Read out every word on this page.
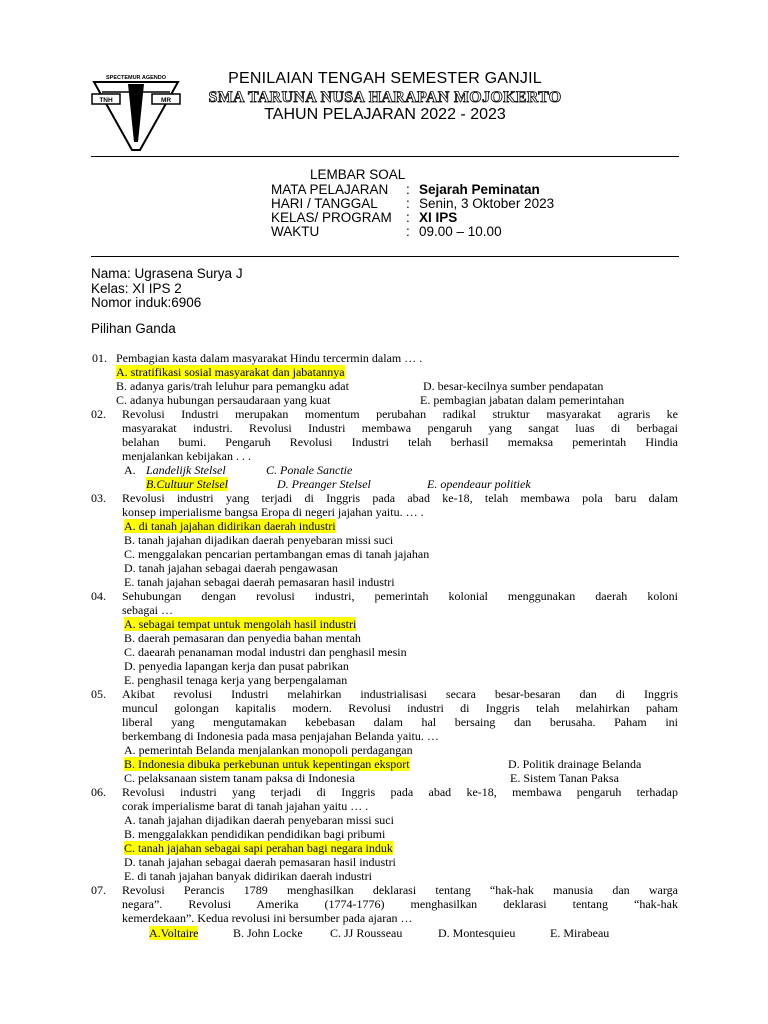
SPECTEMUR AGENDO
TNH	MR
PENILAIAN TENGAH SEMESTER GANJIL
SMA TARUNA NUSA HARAPAN MOJOKERTO
TAHUN PELAJARAN 2022 - 2023
LEMBAR SOAL
MATA PELAJARAN : Sejarah Peminatan
HARI / TANGGAL : Senin, 3 Oktober 2023
KELAS/ PROGRAM : XI IPS
WAKTU	: 09.00 – 10.00
Nama: Ugrasena Surya J
Kelas: XI IPS 2
Nomor induk:6906
Pilihan Ganda
01. Pembagian kasta dalam masyarakat Hindu tercermin dalam … .
A. stratifikasi sosial masyarakat dan jabatannya
B. adanya garis/trah leluhur para pemangku adat	D. besar-kecilnya sumber pendapatan
C. adanya hubungan persaudaraan yang kuat	E. pembagian jabatan dalam pemerintahan
02. Revolusi Industri merupakan momentum perubahan radikal struktur masyarakat agraris ke
masyarakat industri. Revolusi Industri membawa pengaruh yang sangat luas di berbagai
belahan bumi. Pengaruh Revolusi Industri telah berhasil memaksa pemerintah Hindia
menjalankan kebijakan . . .
A. Landelijk Stelsel	C. Ponale Sanctie
B.Cultuur Stelsel	D. Preanger Stelsel	E. opendeaur politiek
03. Revolusi industri yang terjadi di Inggris pada abad ke-18, telah membawa pola baru dalam
konsep imperialisme bangsa Eropa di negeri jajahan yaitu. … .
A. di tanah jajahan didirikan daerah industri
B. tanah jajahan dijadikan daerah penyebaran missi suci
C. menggalakan pencarian pertambangan emas di tanah jajahan
D. tanah jajahan sebagai daerah pengawasan
E. tanah jajahan sebagai daerah pemasaran hasil industri
04. Sehubungan dengan revolusi industri, pemerintah kolonial menggunakan daerah koloni
sebagai …
A. sebagai tempat untuk mengolah hasil industri
B. daerah pemasaran dan penyedia bahan mentah
C. daearah penanaman modal industri dan penghasil mesin
D. penyedia lapangan kerja dan pusat pabrikan
E. penghasil tenaga kerja yang berpengalaman
05. Akibat revolusi Industri melahirkan industrialisasi secara besar-besaran dan di Inggris
muncul golongan kapitalis modern. Revolusi industri di Inggris telah melahirkan paham
liberal yang mengutamakan kebebasan dalam hal bersaing dan berusaha. Paham ini
berkembang di Indonesia pada masa penjajahan Belanda yaitu. …
A. pemerintah Belanda menjalankan monopoli perdagangan
B. Indonesia dibuka perkebunan untuk kepentingan eksport	D. Politik drainage Belanda
C. pelaksanaan sistem tanam paksa di Indonesia	E. Sistem Tanan Paksa
06. Revolusi industri yang terjadi di Inggris pada abad ke-18, membawa pengaruh terhadap
corak imperialisme barat di tanah jajahan yaitu … .
A. tanah jajahan dijadikan daerah penyebaran missi suci
B. menggalakkan pendidikan pendidikan bagi pribumi
C. tanah jajahan sebagai sapi perahan bagi negara induk
D. tanah jajahan sebagai daerah pemasaran hasil industri
E. di tanah jajahan banyak didirikan daerah industri
07. Revolusi Perancis 1789 menghasilkan deklarasi tentang “hak-hak manusia dan warga
negara”. Revolusi Amerika (1774-1776) menghasilkan deklarasi tentang “hak-hak
kemerdekaan”. Kedua revolusi ini bersumber pada ajaran …
A.Voltaire	B. John Locke C. JJ Rousseau	D. Montesquieu	E. Mirabeau
